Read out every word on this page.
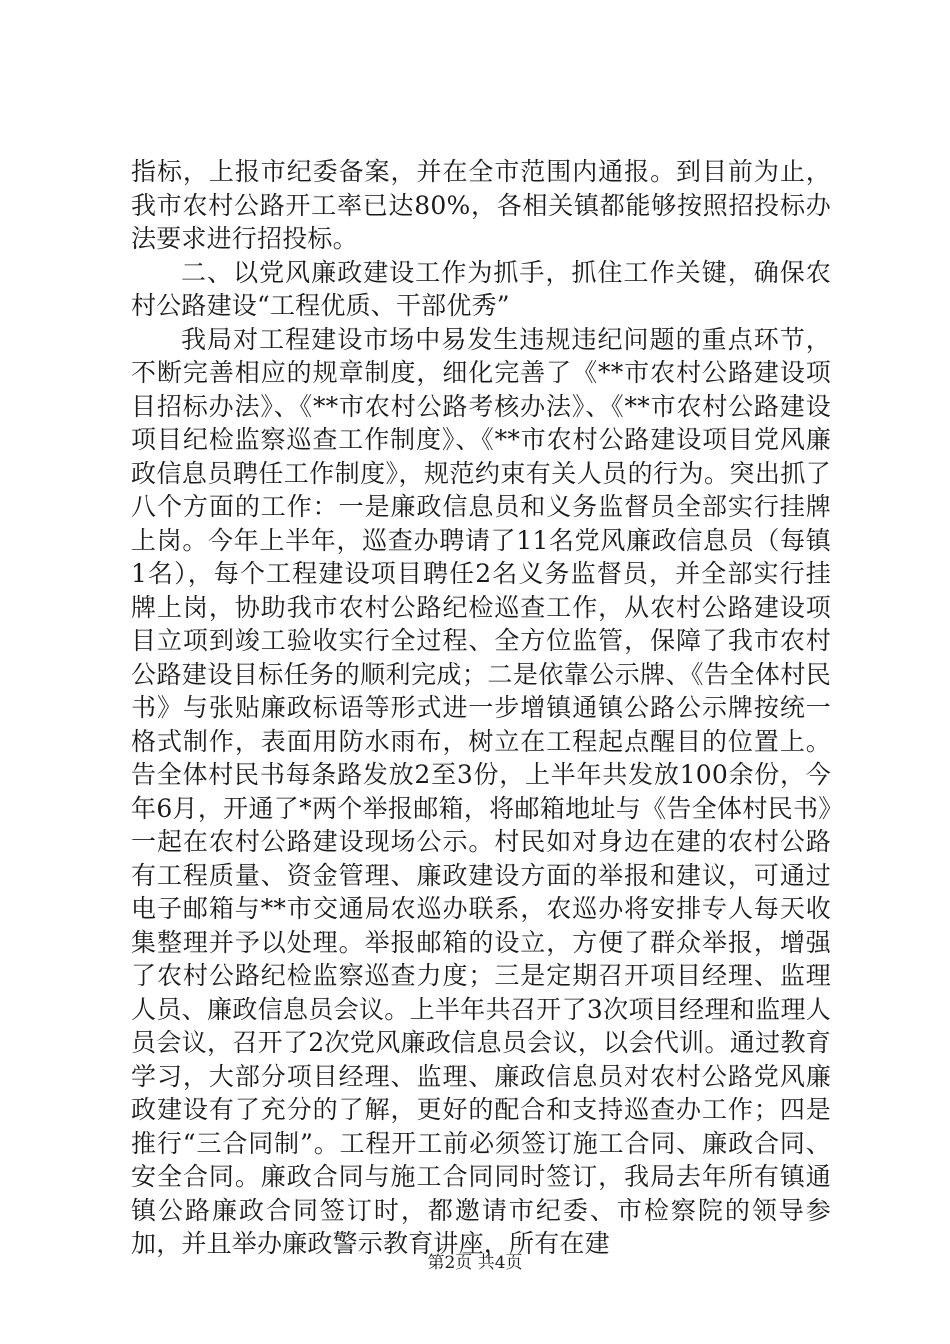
指标，上报市纪委备案，并在全市范围内通报。到目前为止，我市农村公路开工率已达80%，各相关镇都能够按照招投标办法要求进行招投标。

二、以党风廉政建设工作为抓手，抓住工作关键，确保农村公路建设“工程优质、干部优秀”

我局对工程建设市场中易发生违规违纪问题的重点环节，不断完善相应的规章制度，细化完善了《**市农村公路建设项目招标办法》、《**市农村公路考核办法》、《**市农村公路建设项目纪检监察巡查工作制度》、《**市农村公路建设项目党风廉政信息员聘任工作制度》，规范约束有关人员的行为。突出抓了八个方面的工作：一是廉政信息员和义务监督员全部实行挂牌上岗。今年上半年，巡查办聘请了11名党风廉政信息员（每镇1名），每个工程建设项目聘任2名义务监督员，并全部实行挂牌上岗，协助我市农村公路纪检巡查工作，从农村公路建设项目立项到竣工验收实行全过程、全方位监管，保障了我市农村公路建设目标任务的顺利完成；二是依靠公示牌、《告全体村民书》与张贴廉政标语等形式进一步增镇通镇公路公示牌按统一格式制作，表面用防水雨布，树立在工程起点醒目的位置上。告全体村民书每条路发放2至3份，上半年共发放100余份，今年6月，开通了*两个举报邮箱，将邮箱地址与《告全体村民书》一起在农村公路建设现场公示。村民如对身边在建的农村公路有工程质量、资金管理、廉政建设方面的举报和建议，可通过电子邮箱与**市交通局农巡办联系，农巡办将安排专人每天收集整理并予以处理。举报邮箱的设立，方便了群众举报，增强了农村公路纪检监察巡查力度；三是定期召开项目经理、监理人员、廉政信息员会议。上半年共召开了3次项目经理和监理人员会议，召开了2次党风廉政信息员会议，以会代训。通过教育学习，大部分项目经理、监理、廉政信息员对农村公路党风廉政建设有了充分的了解，更好的配合和支持巡查办工作；四是推行“三合同制”。工程开工前必须签订施工合同、廉政合同、安全合同。廉政合同与施工合同同时签订，我局去年所有镇通镇公路廉政合同签订时，都邀请市纪委、市检察院的领导参加，并且举办廉政警示教育讲座，所有在建

第2页 共4页
